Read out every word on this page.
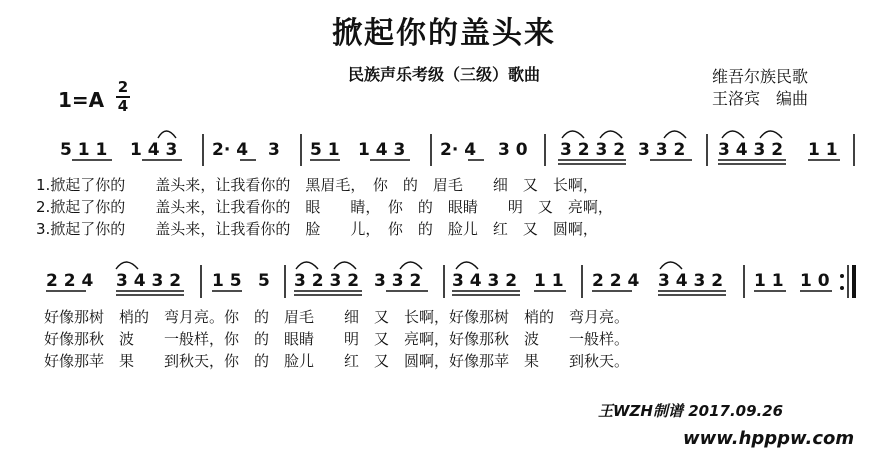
掀起你的盖头来
民族声乐考级（三级）歌曲	维吾尔族民歌
王洛宾　编曲
1=A
2
4
5 1 1 1 4 3 2· 4 3 5 1 1 4 3 2· 4 3 0 3 2 3 2 3 3 2 3 4 3 2 1 1
1.掀起了你的　　盖头来，让我看你的　黑眉毛，　你　的　眉毛　　细　又　长啊，
2.掀起了你的　　盖头来，让我看你的　眼　　睛，　你　的　眼睛　　明　又　亮啊，
3.掀起了你的　　盖头来，让我看你的　脸　　儿，　你　的　脸儿　红　又　圆啊，
2 2 4 3 4 3 2 1 5 5 3 2 3 2 3 3 2 3 4 3 2 1 1 2 2 4 3 4 3 2 1 1 1 0
好像那树　梢的　弯月亮。你　的　眉毛　　细　又　长啊，好像那树　梢的　弯月亮。
好像那秋　波　　一般样，你　的　眼睛　　明　又　亮啊，好像那秋　波　　一般样。
好像那苹　果　　到秋天，你　的　脸儿　　红　又　圆啊，好像那苹　果　　到秋天。
王WZH制谱 2017.09.26
www.hpppw.com
